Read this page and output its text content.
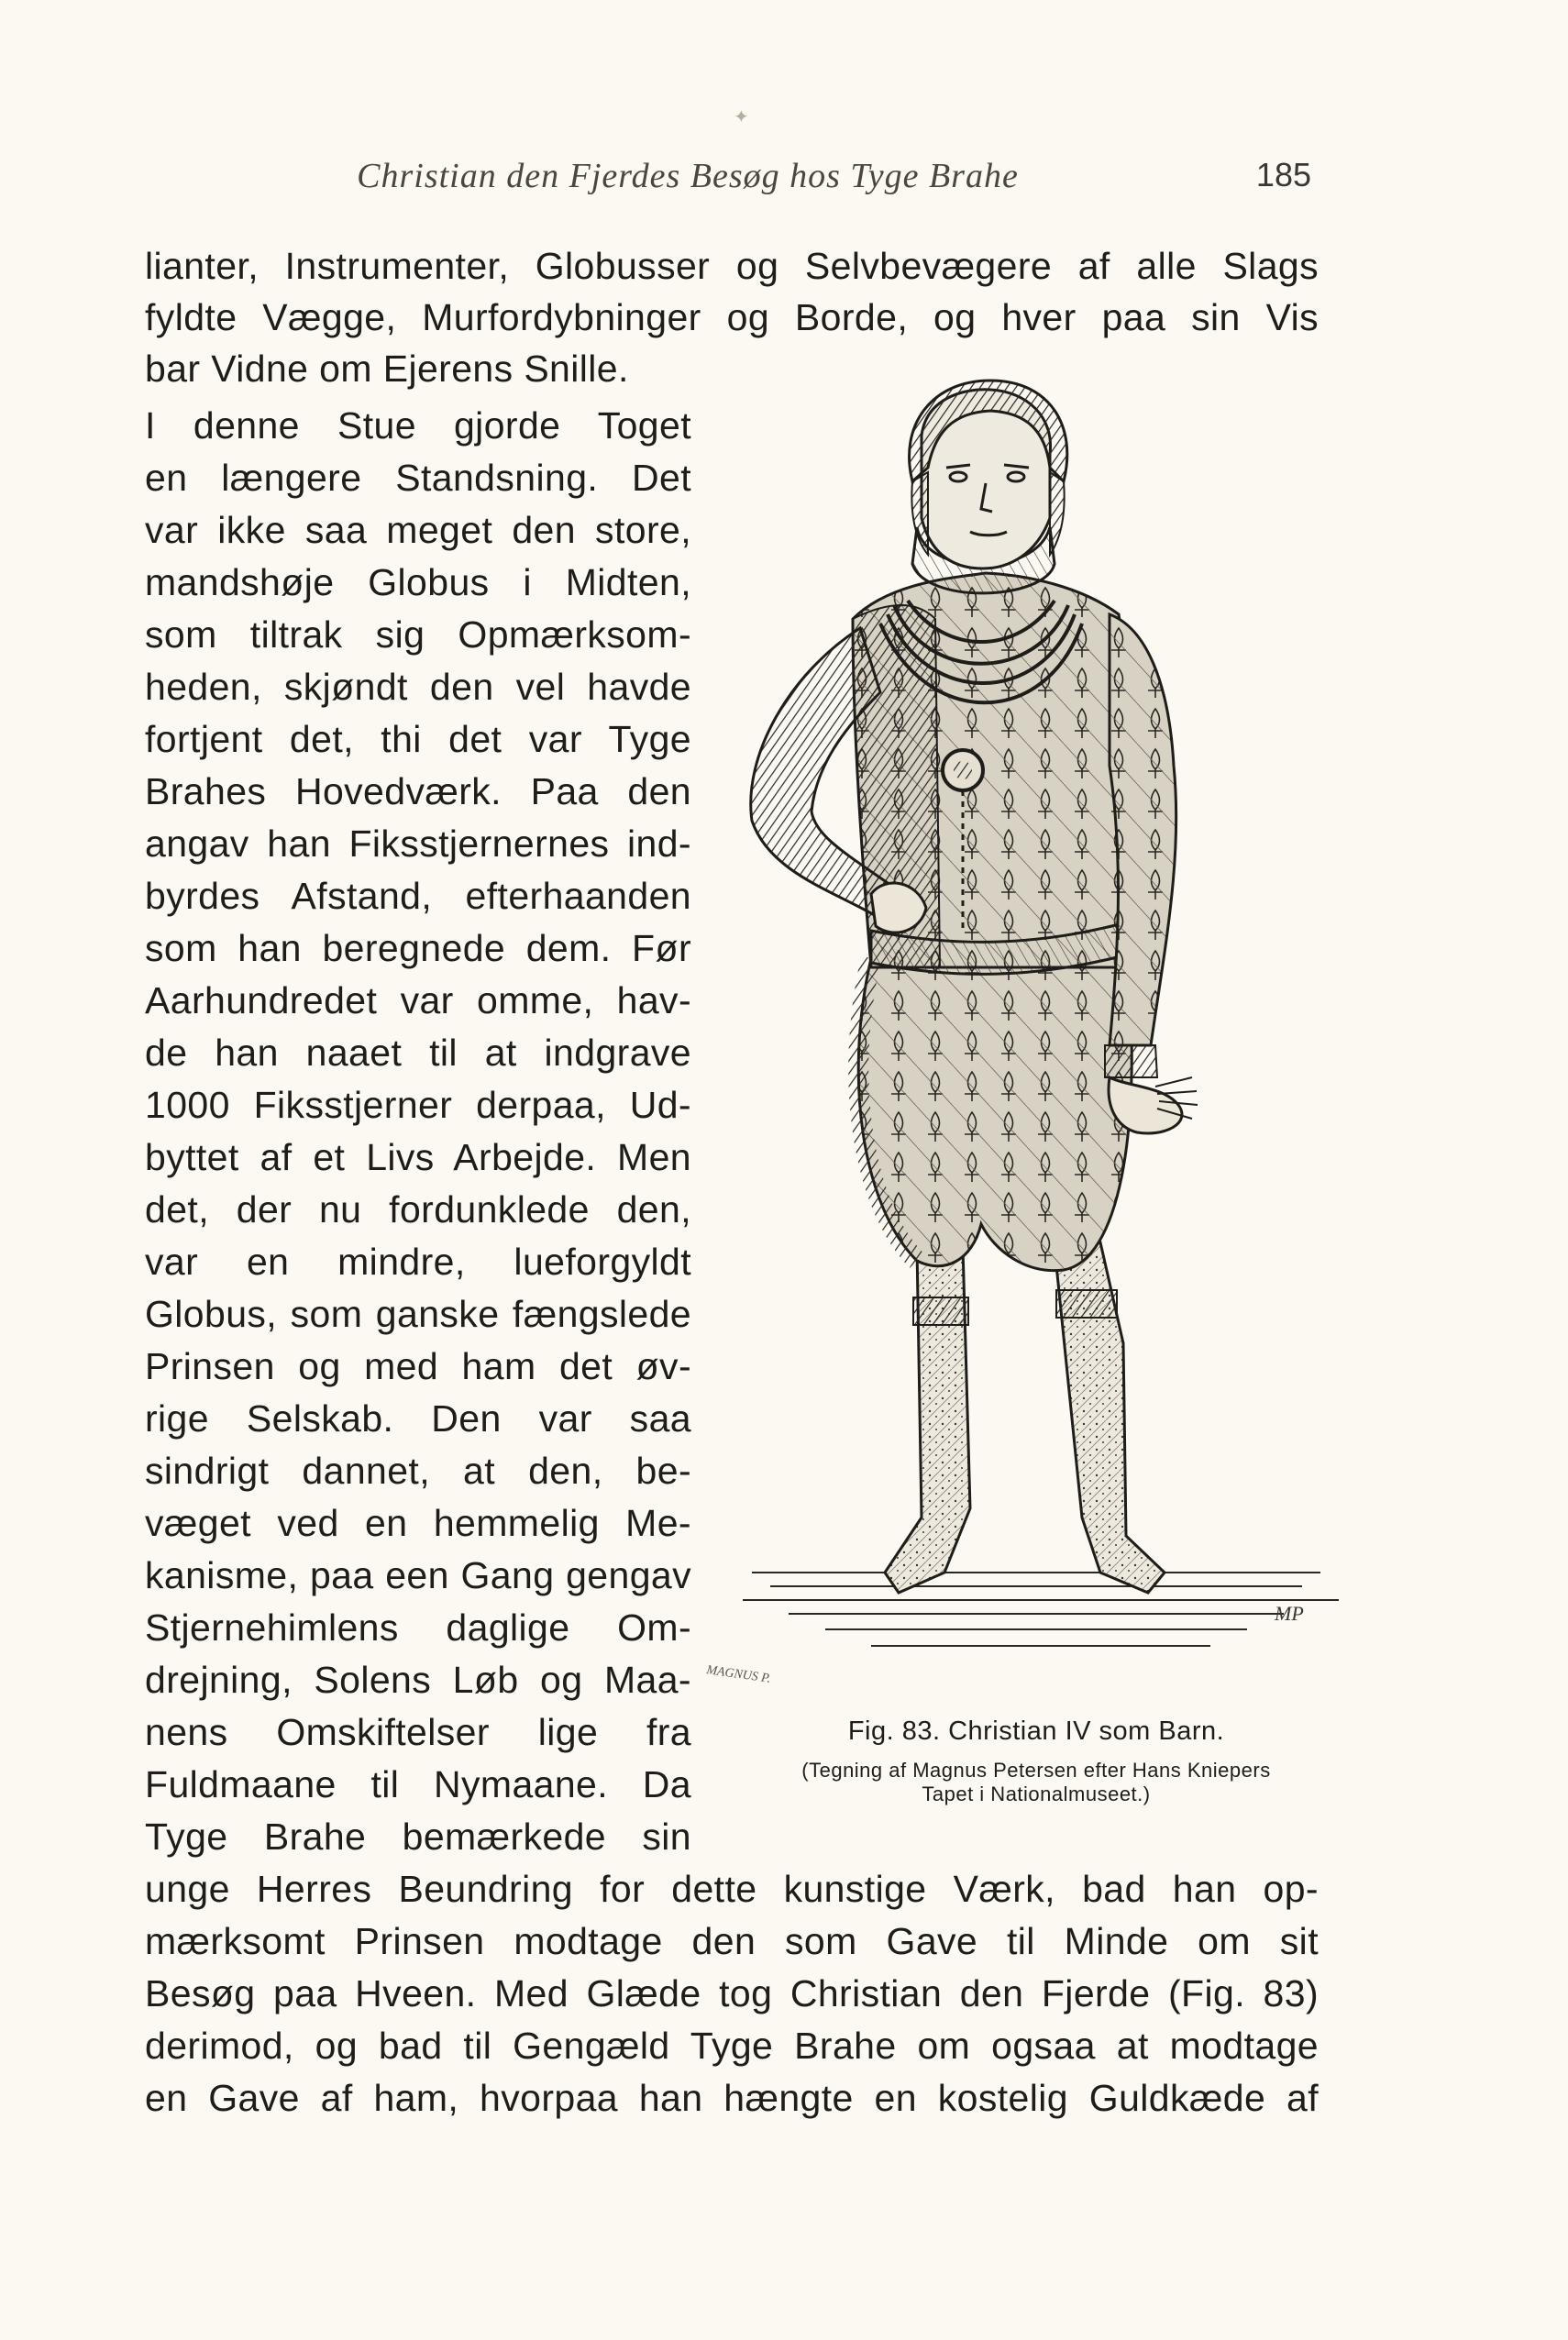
✦
Christian den Fjerdes Besøg hos Tyge Brahe	185
lianter, Instrumenter, Globusser og Selvbevægere af alle Slags
fyldte Vægge, Murfordybninger og Borde, og hver paa sin Vis
bar Vidne om Ejerens Snille.
I denne Stue gjorde Toget
en længere Standsning. Det
var ikke saa meget den store,
mandshøje Globus i Midten,
som tiltrak sig Opmærksom-
heden, skjøndt den vel havde
fortjent det, thi det var Tyge
Brahes Hovedværk. Paa den
angav han Fiksstjernernes ind-
byrdes Afstand, efterhaanden
som han beregnede dem. Før
Aarhundredet var omme, hav-
de han naaet til at indgrave
1000 Fiksstjerner derpaa, Ud-
byttet af et Livs Arbejde. Men
det, der nu fordunklede den,
var en mindre, lueforgyldt
Globus, som ganske fængslede
Prinsen og med ham det øv-
rige Selskab. Den var saa
sindrigt dannet, at den, be-
væget ved en hemmelig Me-
kanisme, paa een Gang gengav
Stjernehimlens daglige Om-
drejning, Solens Løb og Maa-
nens Omskiftelser lige fra
Fuldmaane til Nymaane. Da
Tyge Brahe bemærkede sin
unge Herres Beundring for dette kunstige Værk, bad han op-
mærksomt Prinsen modtage den som Gave til Minde om sit
Besøg paa Hveen. Med Glæde tog Christian den Fjerde (Fig. 83)
derimod, og bad til Gengæld Tyge Brahe om ogsaa at modtage
en Gave af ham, hvorpaa han hængte en kostelig Guldkæde af
MP
MAGNUS P.
Fig. 83. Christian IV som Barn.
(Tegning af Magnus Petersen efter Hans Kniepers
Tapet i Nationalmuseet.)
